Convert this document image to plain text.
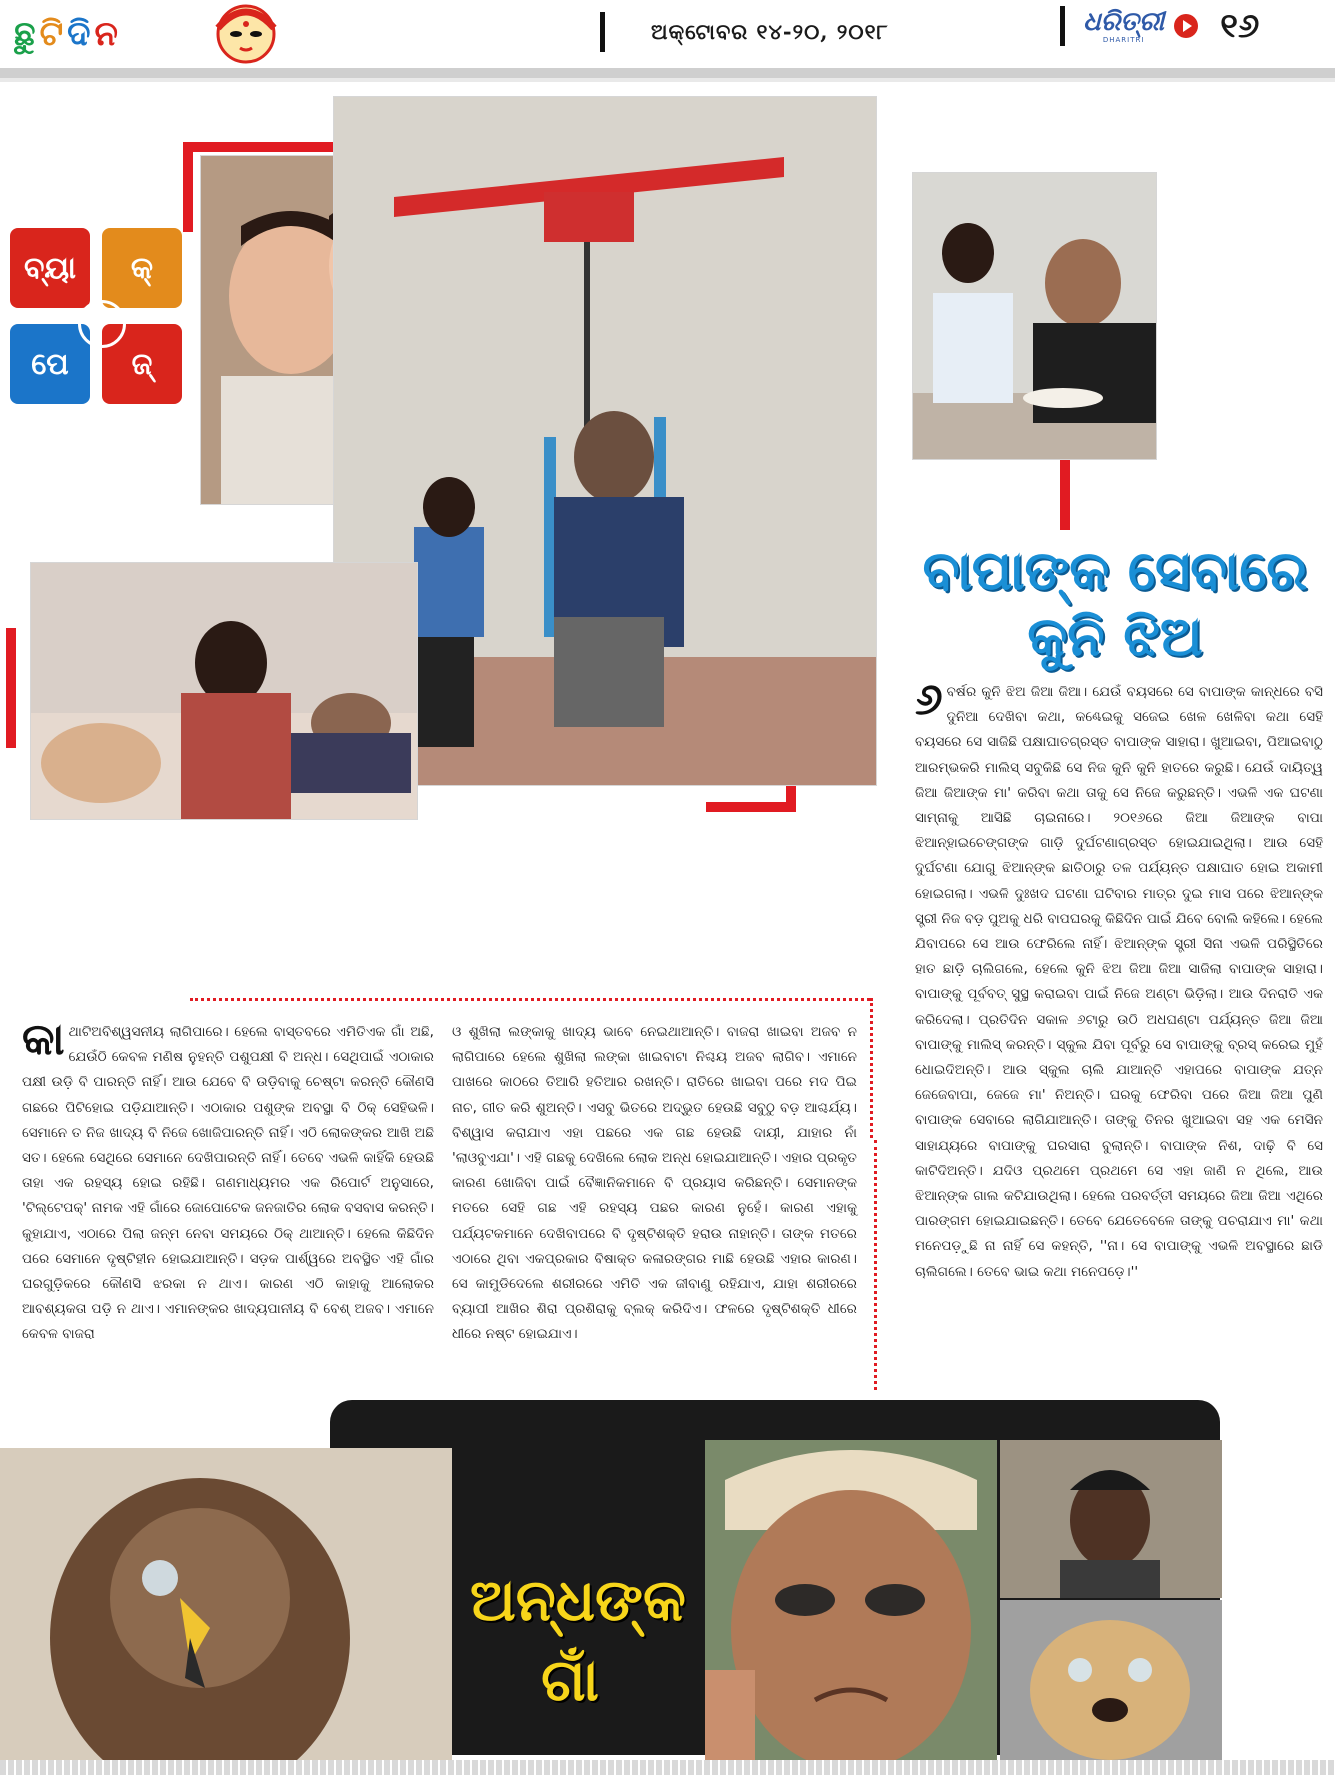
ଛୁ ଟି ଦି ନ	ଅକ୍ଟୋବର ୧୪-୨୦, ୨୦୧୮	ଧରିତ୍ରୀ
DHARITRI	୧୬
ବ୍ୟା	କ୍
ପେ	ଜ୍
ବାପାଙ୍କ ସେବାରେ
କୁନି ଝିଅ
୬ ବର୍ଷର କୁନି ଝିଅ ଜିଆ ଜିଆ। ଯେଉଁ ବୟସରେ ସେ ବାପାଙ୍କ କାନ୍ଧରେ ବସି ଦୁନିଆ ଦେଖିବା କଥା, କଣ୍ଢେଇକୁ ସଜେଇ ଖେଳ ଖେଳିବା କଥା ସେହି ବୟସରେ ସେ ସାଜିଛି ପକ୍ଷାଘାତଗ୍ରସ୍ତ ବାପାଙ୍କ ସାହାରା। ଖୁଆଇବା, ପିଆଇବାଠୁ ଆରମ୍ଭକରି ମାଲିସ୍ ସବୁକିଛି ସେ ନିଜ କୁନି କୁନି ହାତରେ କରୁଛି। ଯେଉଁ ଦାୟିତ୍ୱ ଜିଆ ଜିଆଙ୍କ ମା' କରିବା କଥା ତାକୁ ସେ ନିଜେ କରୁଛନ୍ତି। ଏଭଳି ଏକ ଘଟଣା ସାମ୍ନାକୁ ଆସିଛି ଚାଇନାରେ। ୨୦୧୬ରେ ଜିଆ ଜିଆଙ୍କ ବାପା ଝିଆନ୍‌ହାଇଚେଙ୍ଗଙ୍କ ଗାଡ଼ି ଦୁର୍ଘଟଣାଗ୍ରସ୍ତ ହୋଇଯାଇଥିଲା। ଆଉ ସେହି ଦୁର୍ଘଟଣା ଯୋଗୁ ଝିଆନ୍‌ଙ୍କ ଛାତିଠାରୁ ତଳ ପର୍ଯ୍ୟନ୍ତ ପକ୍ଷାଘାତ ହୋଇ ଅକାମୀ ହୋଇଗଲା। ଏଭଳି ଦୁଃଖଦ ଘଟଣା ଘଟିବାର ମାତ୍ର ଦୁଇ ମାସ ପରେ ଝିଆନ୍‌ଙ୍କ ସ୍ତ୍ରୀ ନିଜ ବଡ଼ ପୁଅକୁ ଧରି ବାପଘରକୁ କିଛିଦିନ ପାଇଁ ଯିବେ ବୋଲି କହିଲେ। ହେଲେ ଯିବାପରେ ସେ ଆଉ ଫେରିଲେ ନାହିଁ। ଝିଆନ୍‌ଙ୍କ ସ୍ତ୍ରୀ ସିନା ଏଭଳି ପରିସ୍ଥିତିରେ ହାତ ଛାଡ଼ି ଚାଲିଗଲେ, ହେଲେ କୁନି ଝିଅ ଜିଆ ଜିଆ ସାଜିଲା ବାପାଙ୍କ ସାହାରା। ବାପାଙ୍କୁ ପୂର୍ବବତ୍ ସୁସ୍ଥ କରାଇବା ପାଇଁ ନିଜେ ଅଣ୍ଟା ଭିଡ଼ିଲା। ଆଉ ଦିନରାତି ଏକ କରିଦେଲା। ପ୍ରତିଦିନ ସକାଳ ୬ଟାରୁ ଉଠି ଅଧଘଣ୍ଟା ପର୍ଯ୍ୟନ୍ତ ଜିଆ ଜିଆ ବାପାଙ୍କୁ ମାଲିସ୍ କରନ୍ତି। ସ୍କୁଲ ଯିବା ପୂର୍ବରୁ ସେ ବାପାଙ୍କୁ ବ୍ରସ୍ କରେଇ ମୁହଁ ଧୋଇଦିଅନ୍ତି। ଆଉ ସ୍କୁଲ ଚାଲି ଯାଆନ୍ତି ଏହାପରେ ବାପାଙ୍କ ଯତ୍ନ ଜେଜେବାପା, ଜେଜେ ମା' ନିଅନ୍ତି। ଘରକୁ ଫେରିବା ପରେ ଜିଆ ଜିଆ ପୁଣି ବାପାଙ୍କ ସେବାରେ ଲାଗିଯାଆନ୍ତି। ତାଙ୍କୁ ତିନର ଖୁଆଇବା ସହ ଏକ ମେସିନ ସାହାଯ୍ୟରେ ବାପାଙ୍କୁ ଘରସାରା ବୁଲାନ୍ତି। ବାପାଙ୍କ ନିଶ, ଦାଢ଼ି ବି ସେ କାଟିଦିଅନ୍ତି। ଯଦିଓ ପ୍ରଥମେ ପ୍ରଥମେ ସେ ଏହା ଜାଣି ନ ଥିଲେ, ଆଉ ଝିଆନ୍‌ଙ୍କ ଗାଲ କଟିଯାଉଥିଲା। ହେଲେ ପରବର୍ତ୍ତୀ ସମୟରେ ଜିଆ ଜିଆ ଏଥିରେ ପାରଙ୍ଗମ ହୋଇଯାଇଛନ୍ତି। ତେବେ ଯେତେବେଳେ ତାଙ୍କୁ ପଚରାଯାଏ ମା' କଥା ମନେପଡ଼ୁଛି ନା ନାହିଁ ସେ କହନ୍ତି, ''ନା। ସେ ବାପାଙ୍କୁ ଏଭଳି ଅବସ୍ଥାରେ ଛାଡି ଚାଲିଗଲେ। ତେବେ ଭାଇ କଥା ମନେପଡ଼େ।''
କାଥାଟିଅବିଶ୍ୱସନୀୟ ଲାଗିପାରେ। ହେଲେ ବାସ୍ତବରେ ଏମିତିଏକ ଗାଁ ଅଛି, ଯେଉଁଠି କେବଳ ମଣିଷ ନୁହନ୍ତି ପଶୁପକ୍ଷୀ ବି ଅନ୍ଧ। ସେଥିପାଇଁ ଏଠାକାର ପକ୍ଷୀ ଉଡ଼ି ବି ପାରନ୍ତି ନାହିଁ। ଆଉ ଯେବେ ବି ଉଡ଼ିବାକୁ ଚେଷ୍ଟା କରନ୍ତି କୌଣସି ଗଛରେ ପିଟିହୋଇ ପଡ଼ିଯାଆନ୍ତି। ଏଠାକାର ପଶୁଙ୍କ ଅବସ୍ଥା ବି ଠିକ୍ ସେହିଭଳି। ସେମାନେ ତ ନିଜ ଖାଦ୍ୟ ବି ନିଜେ ଖୋଜିପାରନ୍ତି ନାହିଁ। ଏଠି ଲୋକଙ୍କର ଆଖି ଅଛି ସତ। ହେଲେ ସେଥିରେ ସେମାନେ ଦେଖିପାରନ୍ତି ନାହିଁ। ତେବେ ଏଭଳି କାହିଁକି ହେଉଛି ତାହା ଏକ ରହସ୍ୟ ହୋଇ ରହିଛି। ଗଣମାଧ୍ୟମର ଏକ ରିପୋର୍ଟ ଅନୁସାରେ, 'ଟିଲ୍‌ଟେପକ୍' ନାମକ ଏହି ଗାଁରେ ଜୋପୋଟେକ ଜନଜାତିର ଲୋକ ବସବାସ କରନ୍ତି। କୁହାଯାଏ, ଏଠାରେ ପିଲା ଜନ୍ମ ନେବା ସମୟରେ ଠିକ୍ ଥାଆନ୍ତି। ହେଲେ କିଛିଦିନ ପରେ ସେମାନେ ଦୃଷ୍ଟିହୀନ ହୋଇଯାଆନ୍ତି। ସଡ଼କ ପାର୍ଶ୍ୱରେ ଅବସ୍ଥିତ ଏହି ଗାଁର ଘରଗୁଡ଼ିକରେ କୌଣସି ଝରକା ନ ଥାଏ। କାରଣ ଏଠି କାହାକୁ ଆଲୋକର ଆବଶ୍ୟକତା ପଡ଼ି ନ ଥାଏ। ଏମାନଙ୍କର ଖାଦ୍ୟପାନୀୟ ବି ବେଶ୍ ଅଜବ। ଏମାନେ କେବଳ ବାଜରା
ଓ ଶୁଖିଲା ଲଙ୍କାକୁ ଖାଦ୍ୟ ଭାବେ ନେଇଥାଆନ୍ତି। ବାଜରା ଖାଇବା ଅଜବ ନ ଲାଗିପାରେ ହେଲେ ଶୁଖିଲା ଲଙ୍କା ଖାଇବାଟା ନିଶ୍ଚୟ ଅଜବ ଲାଗିବ। ଏମାନେ ପାଖରେ କାଠରେ ତିଆରି ହତିଆର ରଖନ୍ତି। ରାତିରେ ଖାଇବା ପରେ ମଦ ପିଇ ନାଚ, ଗୀତ କରି ଶୁଅନ୍ତି। ଏସବୁ ଭିତରେ ଅଦ୍ଭୁତ ହେଉଛି ସବୁଠୁ ବଡ଼ ଆଶ୍ଚର୍ଯ୍ୟ। ବିଶ୍ୱାସ କରାଯାଏ ଏହା ପଛରେ ଏକ ଗଛ ହେଉଛି ଦାୟୀ, ଯାହାର ନାଁ 'ଲାଓବୁଏଯା'। ଏହି ଗଛକୁ ଦେଖିଲେ ଲୋକ ଅନ୍ଧ ହୋଇଯାଆନ୍ତି। ଏହାର ପ୍ରକୃତ କାରଣ ଖୋଜିବା ପାଇଁ ବୈଜ୍ଞାନିକମାନେ ବି ପ୍ରୟାସ କରିଛନ୍ତି। ସେମାନଙ୍କ ମତରେ ସେହି ଗଛ ଏହି ରହସ୍ୟ ପଛର କାରଣ ନୁହେଁ। କାରଣ ଏହାକୁ ପର୍ଯ୍ୟଟକମାନେ ଦେଖିବାପରେ ବି ଦୃଷ୍ଟିଶକ୍ତି ହରାଉ ନାହାନ୍ତି। ତାଙ୍କ ମତରେ ଏଠାରେ ଥିବା ଏକପ୍ରକାର ବିଷାକ୍ତ କଳାରଙ୍ଗର ମାଛି ହେଉଛି ଏହାର କାରଣ। ସେ କାମୁଡିଦେଲେ ଶରୀରରେ ଏମିତି ଏକ ଜୀବାଣୁ ରହିଯାଏ, ଯାହା ଶରୀରରେ ବ୍ୟାପୀ ଆଖିର ଶିରା ପ୍ରଶିରାକୁ ବ୍ଲକ୍ କରିଦିଏ। ଫଳରେ ଦୃଷ୍ଟିଶକ୍ତି ଧୀରେ ଧୀରେ ନଷ୍ଟ ହୋଇଯାଏ।
ଅନ୍ଧଙ୍କ
ଗାଁ
